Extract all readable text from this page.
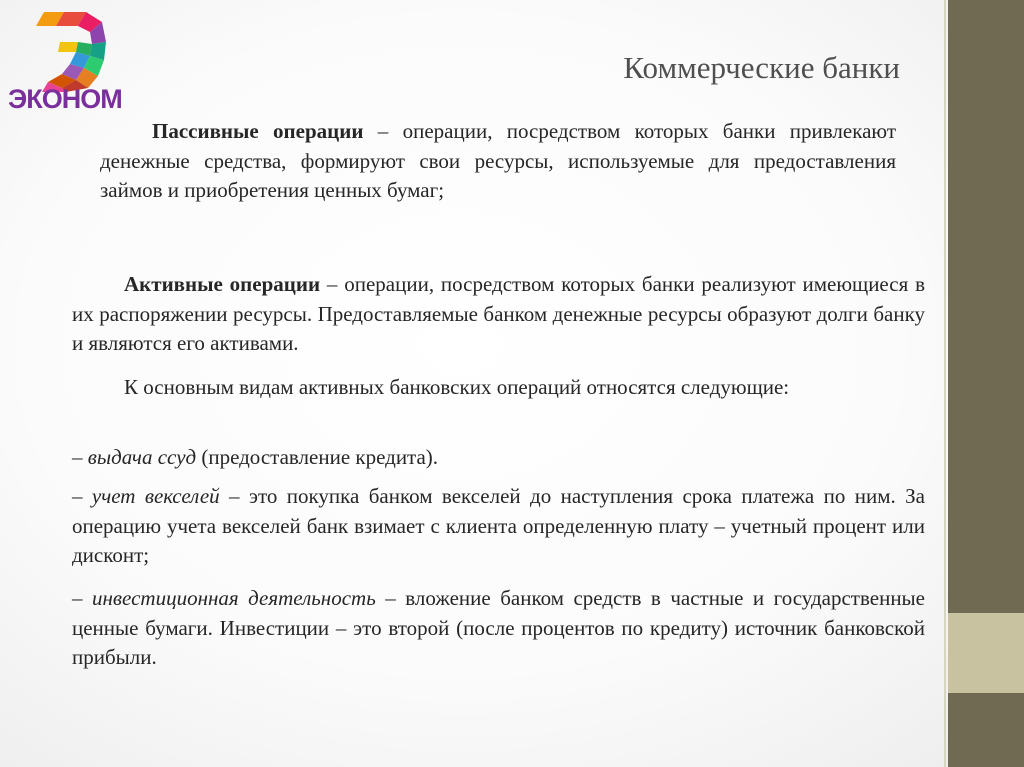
ЭКОНОМ

Коммерческие банки

Пассивные операции – операции, посредством которых банки привлекают денежные средства, формируют свои ресурсы, используемые для предоставления займов и приобретения ценных бумаг;

Активные операции – операции, посредством которых банки реализуют имеющиеся в их распоряжении ресурсы. Предоставляемые банком денежные ресурсы образуют долги банку и являются его активами.

К основным видам активных банковских операций относятся следующие:

– выдача ссуд (предоставление кредита).

– учет векселей – это покупка банком векселей до наступления срока платежа по ним. За операцию учета векселей банк взимает с клиента определенную плату – учетный процент или дисконт;

– инвестиционная деятельность – вложение банком средств в частные и государственные ценные бумаги. Инвестиции – это второй (после процентов по кредиту) источник банковской прибыли.
